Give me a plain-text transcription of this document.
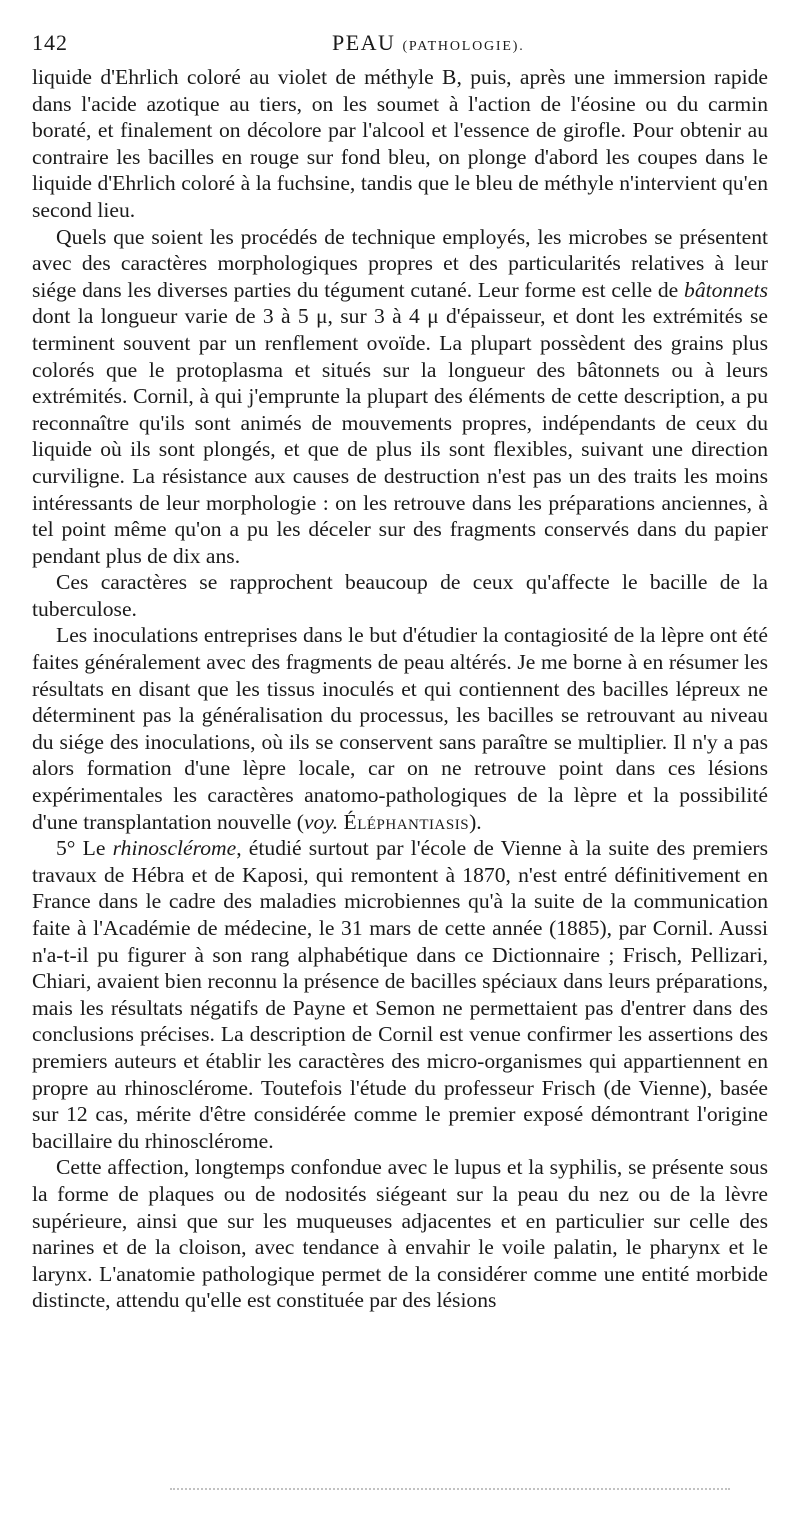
142	PEAU (PATHOLOGIE).

liquide d'Ehrlich coloré au violet de méthyle B, puis, après une immersion rapide dans l'acide azotique au tiers, on les soumet à l'action de l'éosine ou du carmin boraté, et finalement on décolore par l'alcool et l'essence de girofle. Pour obtenir au contraire les bacilles en rouge sur fond bleu, on plonge d'abord les coupes dans le liquide d'Ehrlich coloré à la fuchsine, tandis que le bleu de méthyle n'intervient qu'en second lieu.

Quels que soient les procédés de technique employés, les microbes se présentent avec des caractères morphologiques propres et des particularités relatives à leur siége dans les diverses parties du tégument cutané. Leur forme est celle de bâtonnets dont la longueur varie de 3 à 5 μ, sur 3 à 4 μ d'épaisseur, et dont les extrémités se terminent souvent par un renflement ovoïde. La plupart possèdent des grains plus colorés que le protoplasma et situés sur la longueur des bâtonnets ou à leurs extrémités. Cornil, à qui j'emprunte la plupart des éléments de cette description, a pu reconnaître qu'ils sont animés de mouvements propres, indépendants de ceux du liquide où ils sont plongés, et que de plus ils sont flexibles, suivant une direction curviligne. La résistance aux causes de destruction n'est pas un des traits les moins intéressants de leur morphologie : on les retrouve dans les préparations anciennes, à tel point même qu'on a pu les déceler sur des fragments conservés dans du papier pendant plus de dix ans.

Ces caractères se rapprochent beaucoup de ceux qu'affecte le bacille de la tuberculose.

Les inoculations entreprises dans le but d'étudier la contagiosité de la lèpre ont été faites généralement avec des fragments de peau altérés. Je me borne à en résumer les résultats en disant que les tissus inoculés et qui contiennent des bacilles lépreux ne déterminent pas la généralisation du processus, les bacilles se retrouvant au niveau du siége des inoculations, où ils se conservent sans paraître se multiplier. Il n'y a pas alors formation d'une lèpre locale, car on ne retrouve point dans ces lésions expérimentales les caractères anatomo-pathologiques de la lèpre et la possibilité d'une transplantation nouvelle (voy. Éléphantiasis).

5° Le rhinosclérome, étudié surtout par l'école de Vienne à la suite des premiers travaux de Hébra et de Kaposi, qui remontent à 1870, n'est entré définitivement en France dans le cadre des maladies microbiennes qu'à la suite de la communication faite à l'Académie de médecine, le 31 mars de cette année (1885), par Cornil. Aussi n'a-t-il pu figurer à son rang alphabétique dans ce Dictionnaire ; Frisch, Pellizari, Chiari, avaient bien reconnu la présence de bacilles spéciaux dans leurs préparations, mais les résultats négatifs de Payne et Semon ne permettaient pas d'entrer dans des conclusions précises. La description de Cornil est venue confirmer les assertions des premiers auteurs et établir les caractères des micro-organismes qui appartiennent en propre au rhinosclérome. Toutefois l'étude du professeur Frisch (de Vienne), basée sur 12 cas, mérite d'être considérée comme le premier exposé démontrant l'origine bacillaire du rhinosclérome.

Cette affection, longtemps confondue avec le lupus et la syphilis, se présente sous la forme de plaques ou de nodosités siégeant sur la peau du nez ou de la lèvre supérieure, ainsi que sur les muqueuses adjacentes et en particulier sur celle des narines et de la cloison, avec tendance à envahir le voile palatin, le pharynx et le larynx. L'anatomie pathologique permet de la considérer comme une entité morbide distincte, attendu qu'elle est constituée par des lésions
